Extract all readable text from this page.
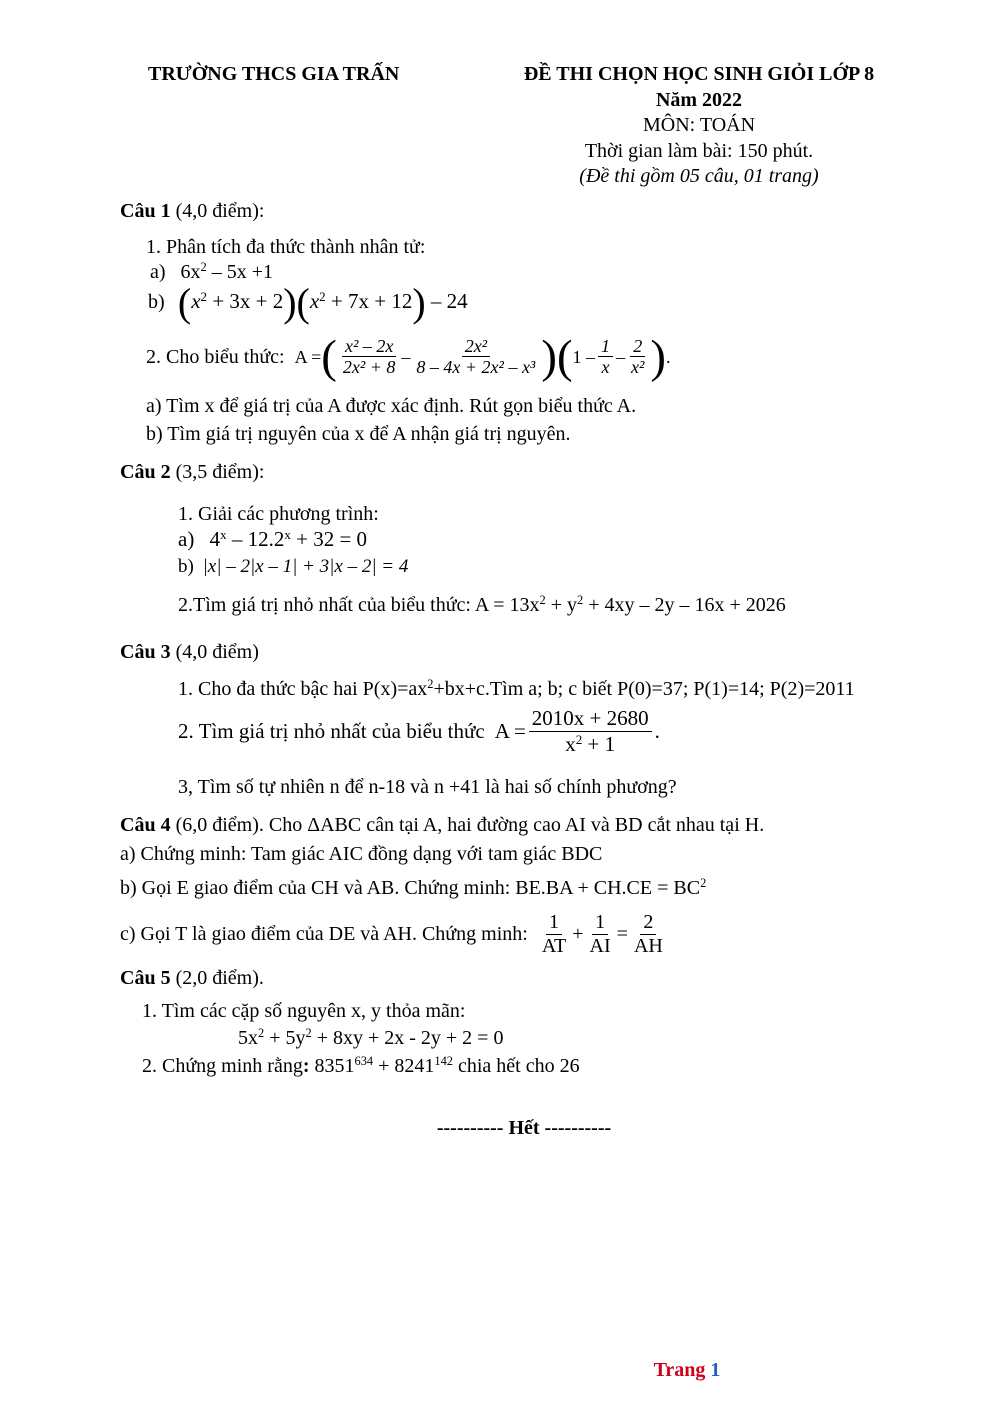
TRƯỜNG THCS GIA TRẤN	ĐỀ THI CHỌN HỌC SINH GIỎI LỚP 8
Năm 2022
MÔN: TOÁN
Thời gian làm bài: 150 phút.
(Đề thi gồm 05 câu, 01 trang)
Câu 1 (4,0 điểm):
1. Phân tích đa thức thành nhân tử:
a) $6x^2 - 5x +1$
b) $(x^2 + 3x + 2)(x^2 + 7x + 12) - 24$
2. Cho biểu thức: A = ( $\frac{\text{x² – 2x}}{\text{2x² + 8}} - \frac{\text{2x²}}{\text{8 – 4x + 2x² – x³}}$ ) ( $1 - \frac{1}{x} - \frac{2}{\text{x²}}$ ) .
a) Tìm x để giá trị của A được xác định. Rút gọn biểu thức A.
b) Tìm giá trị nguyên của x để A nhận giá trị nguyên.
Câu 2 (3,5 điểm):
1. Giải các phương trình:
a) $4^x - 12.2^x + 32 = 0$
b) |x| – 2|x – 1| + 3|x – 2| = 4
2.Tìm giá trị nhỏ nhất của biểu thức: $A = 13x^2 + y^2 + 4xy - 2y - 16x + 2026$
Câu 3 (4,0 điểm)
1. Cho đa thức bậc hai $P(x)=ax^2+bx+c.Tìm$ a; b; c biết P(0)=37; P(1)=14; P(2)=2011
2. Tìm giá trị nhỏ nhất của biểu thức $A = \frac{2010x + 2680}{x^2 + 1}$ .
3, Tìm số tự nhiên n để n-18 và n +41 là hai số chính phương?
Câu 4 (6,0 điểm). Cho ΔABC cân tại A, hai đường cao AI và BD cắt nhau tại H.
a) Chứng minh: Tam giác AIC đồng dạng với tam giác BDC
b) Gọi E giao điểm của CH và AB. Chứng minh: $BE.BA + CH.CE = BC^2$
c) Gọi T là giao điểm của DE và AH. Chứng minh: $\frac{1}{AT} + \frac{1}{AI} = \frac{2}{AH}$
Câu 5 (2,0 điểm).
1. Tìm các cặp số nguyên x, y thỏa mãn:
$5x^2 + 5y^2 + 8xy + 2x - 2y + 2 = 0$
2. Chứng minh rằng: $8351^{634} + 8241^{142}$ chia hết cho 26
---------- Hết ----------
Trang 1
